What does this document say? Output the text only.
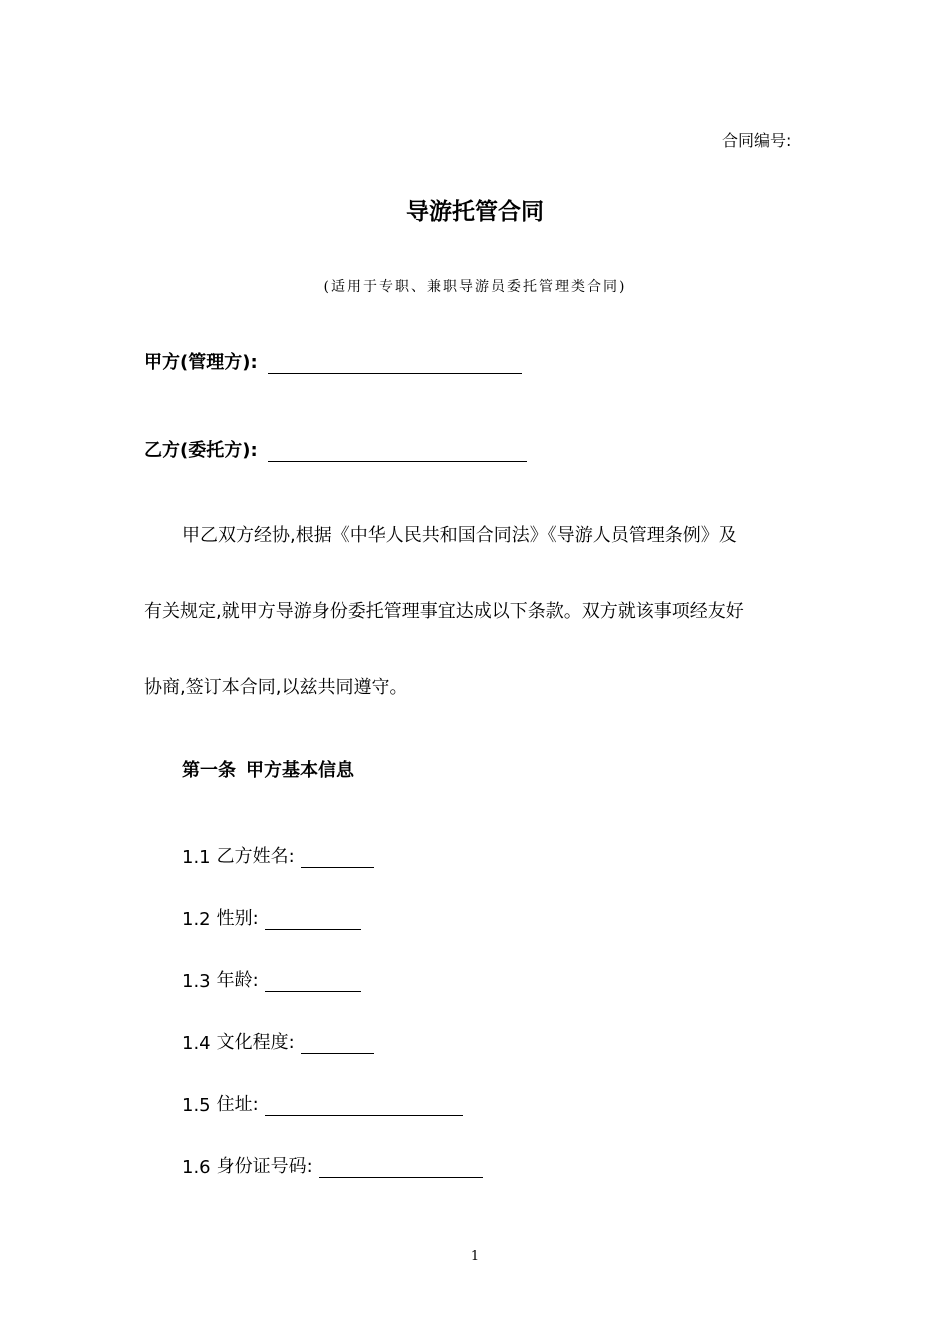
合同编号:
导游托管合同
(适用于专职、兼职导游员委托管理类合同)
甲方(管理方):
乙方(委托方):
甲乙双方经协,根据《中华人民共和国合同法》《导游人员管理条例》及
有关规定,就甲方导游身份委托管理事宜达成以下条款。双方就该事项经友好
协商,签订本合同,以兹共同遵守。
第一条 甲方基本信息
1.1 乙方姓名:
1.2 性别:
1.3 年龄:
1.4 文化程度:
1.5 住址:
1.6 身份证号码:
1
